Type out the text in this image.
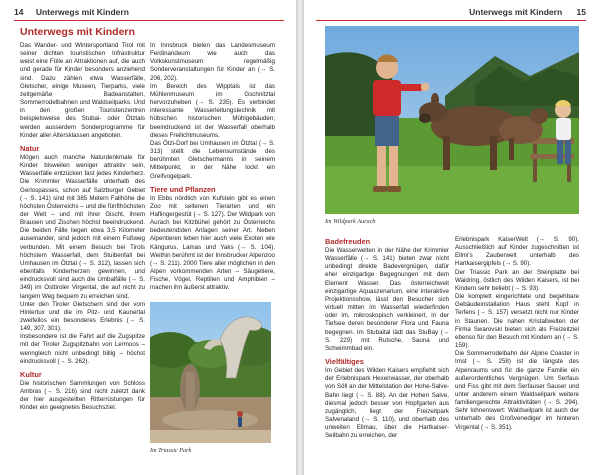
14 Unterwegs mit Kindern
Unterwegs mit Kindern

Das Wander- und Wintersportland Tirol mit seiner dichten touristischen Infrastruktur weist eine Fülle an Attraktionen auf, die auch und gerade für Kinder besonders anziehend sind. Dazu zählen etwa Wasserfälle, Gletscher, einige Museen, Tierparks, viele zeitgemäße Badeanstalten, Sommerrodelbahnen und Waldseilparks. Und in den großen Touristenzentren beispielsweise des Stubai- oder Ötztals werden ausserdem Sonderprogramme für Kinder aller Altersklassen angeboten.

Natur

Mögen auch manche Naturdenkmale für Kinder bisweilen weniger attraktiv sein, Wasserfälle entzücken fast jedes Kinderherz. Die Krimmler Wasserfälle unterhalb des Gerlospasses, schon auf Salzburger Gebiet (→ S. 141) sind mit 385 Metern Fallhöhe die höchsten Österreichs – und die fünfthöchsten der Welt – und mit ihrer Gischt, ihrem Brausen und Zischen höchst beeindruckend. Die beiden Fälle liegen etwa 3,5 Kilometer auseinander, sind jedoch mit einem Fußweg verbunden. Mit einem Besuch bei Tirols höchstem Wasserfall, dem Stuibenfall bei Umhausen im Ötztal (→ S. 312), lassen sich ebenfalls Kinderherzen gewinnen, und eindrucksvoll sind auch die Umbalfälle (→ S. 349) im Osttiroler Virgental, die auf nicht zu langem Weg bequem zu erreichen sind.

Unter den Tiroler Gletschern sind der vom Hintertux und die im Pitz- und Kaunertal zweifellos ein besonderes Erlebnis (→ S. 149, 307, 301).

Insbesondere ist die Fahrt auf die Zugspitze mit der Tiroler Zugspitzbahn von Lermoos – wenngleich nicht unbedingt billig – höchst eindrucksvoll (→ S. 262).

Kultur

Die historischen Sammlungen von Schloss Ambras (→ S. 216) sind nicht zuletzt dank der hier ausgestellten Ritterrüstungen für Kinder ein geeignetes Besuchsziel.

In Innsbruck bieten das Landesmuseum Ferdinandeum wie auch das Volkskunstmuseum regelmäßig Sonderveranstaltungen für Kinder an (→ S. 206, 202).

Im Bereich des Wipptals ist das Mühlenmuseum im Gschnitztal hervorzuheben (→ S. 235). Es verbindet interessante Wasserleitungstechnik mit hübschen historischen Mühlgebäuden; beeindruckend ist der Wasserfall oberhalb dieses Freilichtmuseums.

Das Ötzi-Dorf bei Umhausen im Ötztal (→ S. 313) stellt die Lebensumstände des berühmten Gletschermanns in seinem Mittelpunkt, in der Nähe lockt ein Greifvogelpark.

Tiere und Pflanzen

In Ebbs nördlich von Kufstein gibt es einen Zoo mit seltenen Tierarten und ein Haflingergestüt (→ S. 127). Der Wildpark von Aurach bei Kitzbühel gehört zu Österreichs bedeutendsten Anlagen seiner Art. Neben Alpentieren leben hier auch viele Exoten wie Kängurus, Lamas und Yaks (→ S. 104). Weithin berühmt ist der Innsbrucker Alpenzoo (→ S. 211). 2000 Tiere aller möglichen in den Alpen vorkommenden Arten – Säugetiere, Fische, Vögel, Reptilien und Amphibien – machen ihn äußerst attraktiv.

Im Triassic Park
Unterwegs mit Kindern 15
Im Wildpark Aurach
Badefreuden

Die Wasserwelten in der Nähe der Krimmler Wasserfälle (→ S. 141) bieten zwar nicht unbedingt direkte Badevergnügen, dafür eher einzigartige Begegnungen mit dem Element Wasser. Das österreichweit einzigartige Aquaszenarium, eine interaktive Projektionsshow, lässt den Besucher sich virtuell mitten im Wasserfall wiederfinden oder im, mikroskopisch verkleinert, in der Tiefsee deren besonderer Flora und Fauna begegnen. Im Stubaital lädt das StuBay (→ S. 229) mit Rutsche, Sauna und Schwimmbad ein.

Vielfältiges

Im Gebiet des Wilden Kaisers empfiehlt sich der Erlebnispark Hexenwasser, der oberhalb von Söll an der Mittelstation der Hohe-Salve-Bahn liegt (→ S. 88). An der Hohen Salve, diesmal jedoch besser von Hopfgarten aus zugänglich, liegt der Freizeitpark Salvenaland (→ S. 110), und oberhalb des unweiten Ellmau, über die Hartkaiser-Seilbahn zu erreichen, der

Erlebnispark KaiserWelt (→ S. 90). Ausschließlich auf Kinder zugeschnitten ist Ellmi's Zauberwelt unterhalb des Hartkaisergipfels (→ S. 90).

Der Triassic Park an der Steinplatte bei Waidring, östlich des Wilden Kaisers, ist bei Kindern sehr beliebt (→ S. 93).

Die komplett eingerichtete und begehbare Gebäudeinstallation Haus steht Kopf in Terfens (→ S. 157) versetzt nicht nur Kinder in Staunen. Die nahen Kristallwelten der Firma Swarovski bieten sich als Freizeitziel ebenso für den Besuch mit Kindern an (→ S. 159).

Die Sommerrodelbahn der Alpine Coaster in Imst (→ S. 258) ist die längste des Alpenraums und für die ganze Familie ein außerordentliches Vergnügen. Um Serfaus und Fiss gibt mit dem Serfauser Sauser und unter anderem einem Waldseilpark weitere familiengerechte Attraktivitäten (→ S. 294). Sehr lohnenswert: Waldseilpark ist auch der unterhalb des Großvenediger im hinteren Virgental (→ S. 351).
